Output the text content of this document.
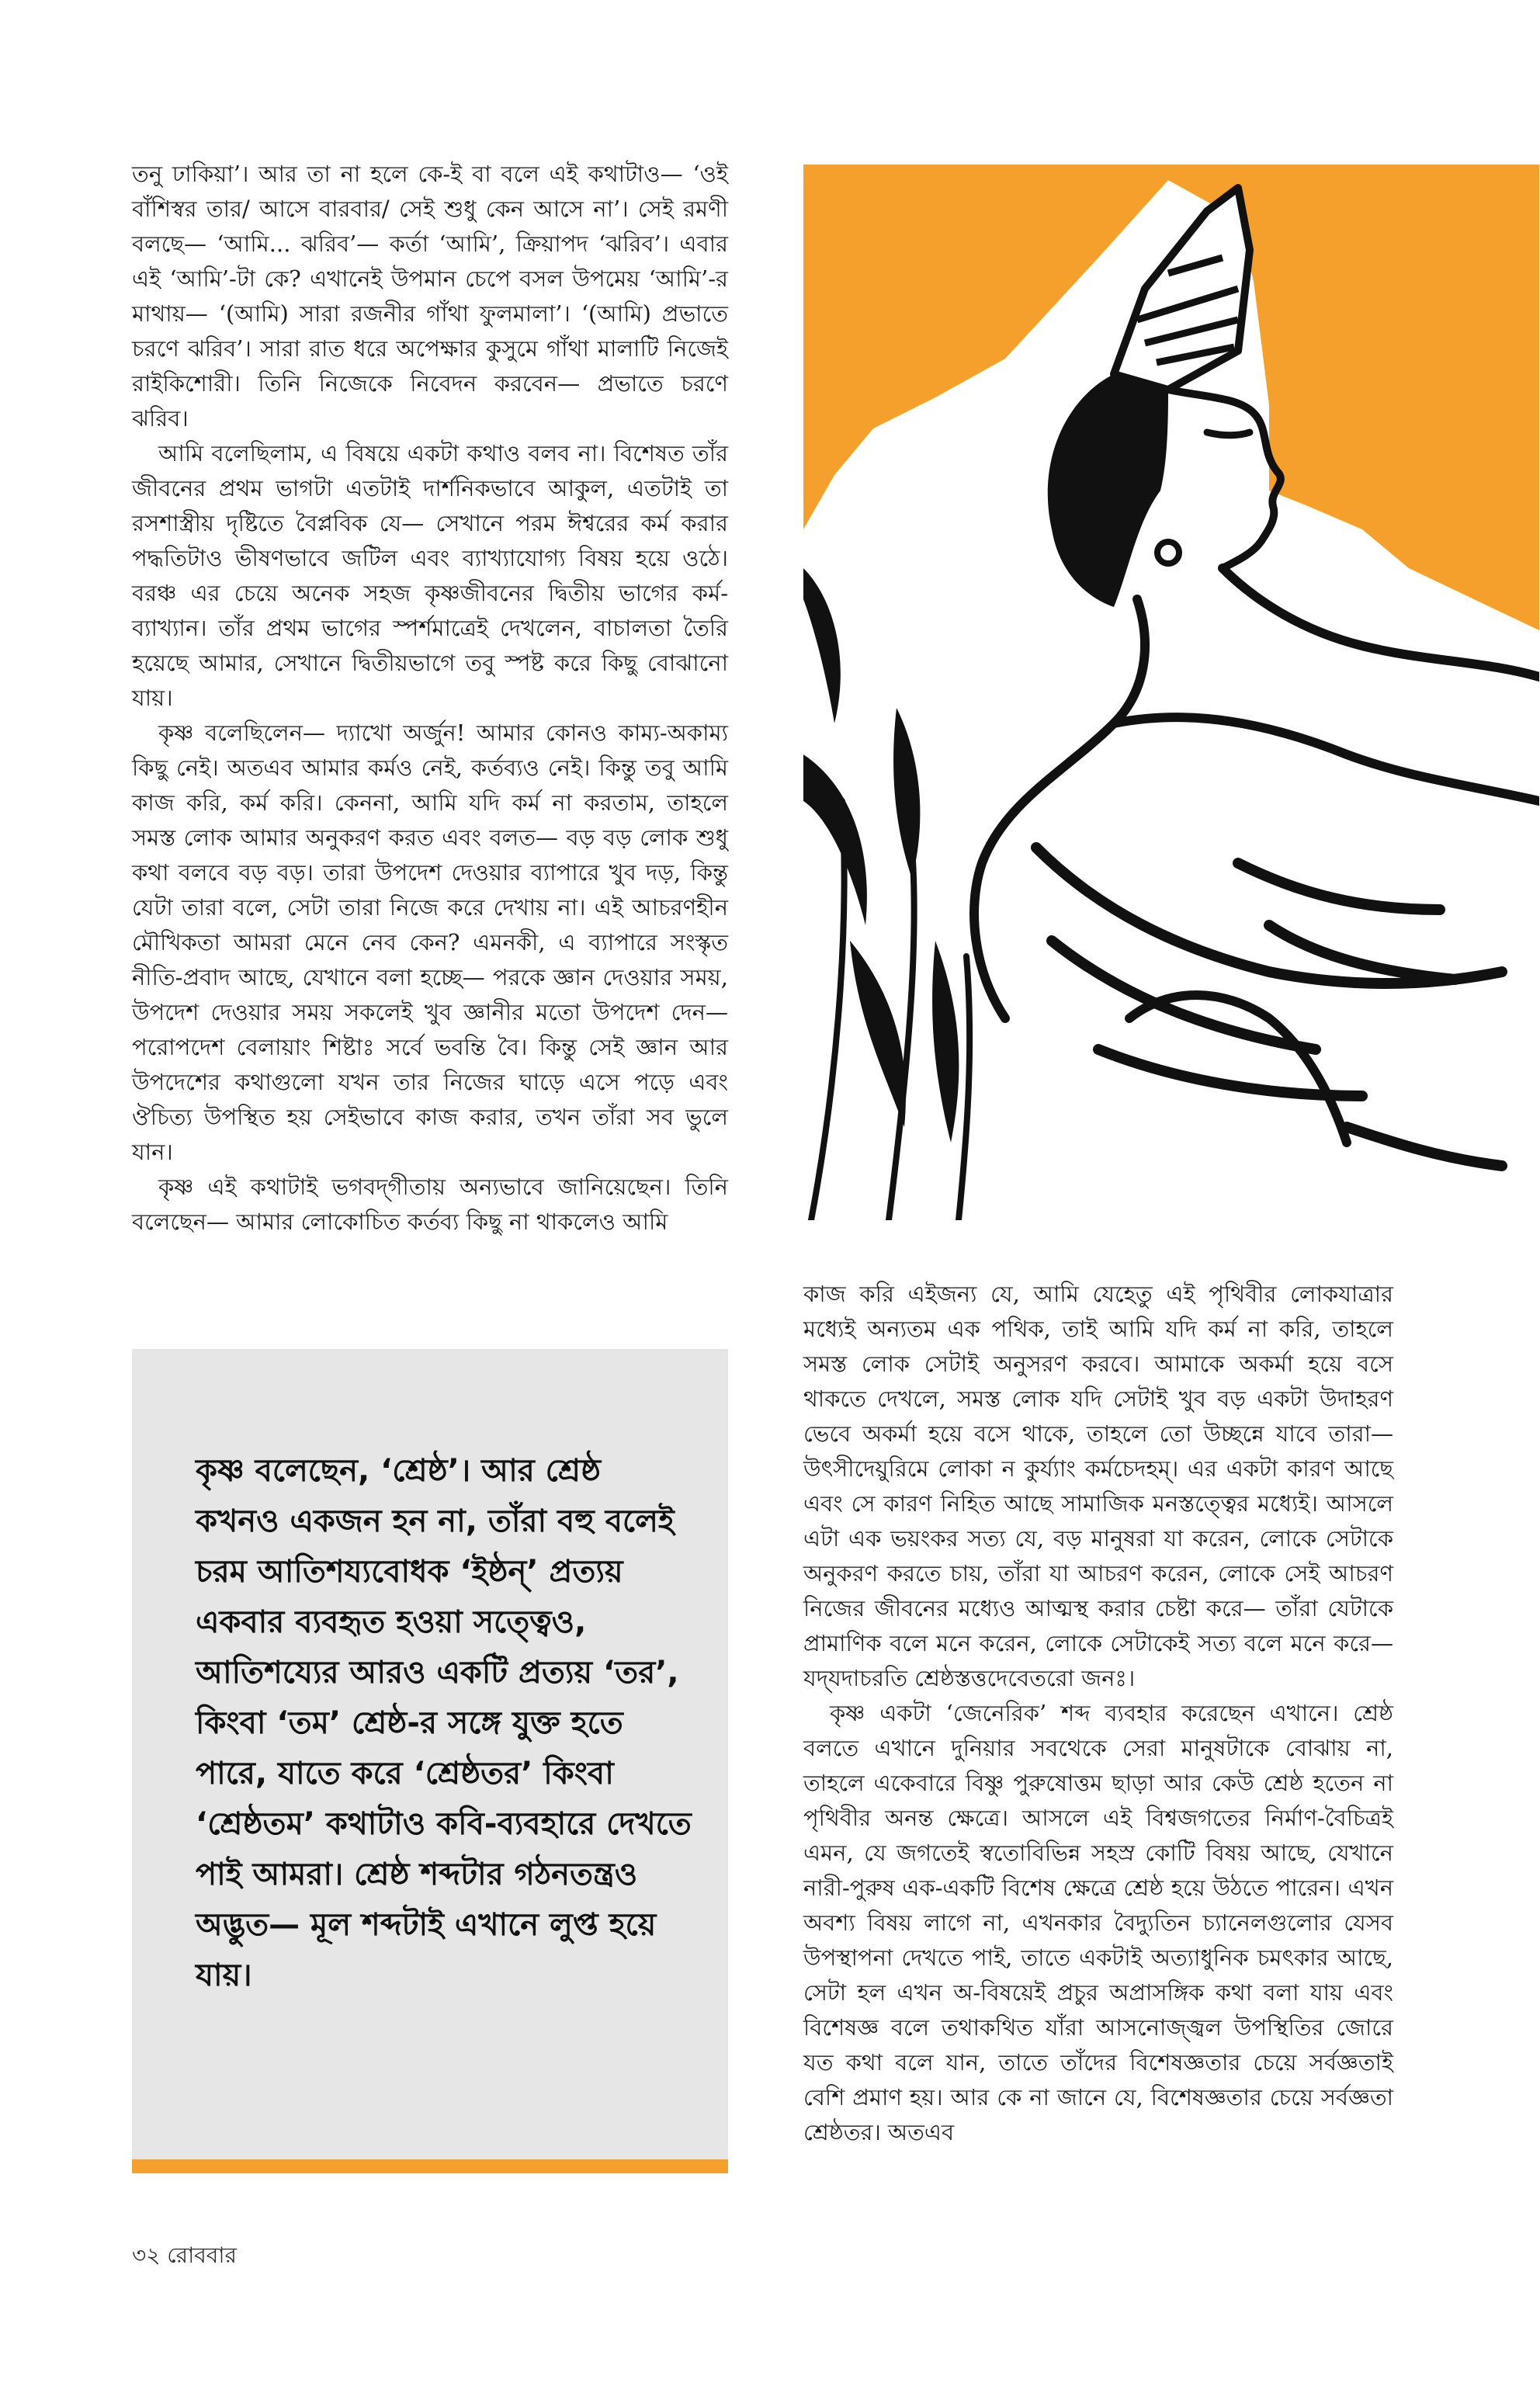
তনু ঢাকিয়া’। আর তা না হলে কে-ই বা বলে এই কথাটাও— ‘ওই বাঁশিস্বর তার/ আসে বারবার/ সেই শুধু কেন আসে না’। সেই রমণী বলছে— ‘আমি... ঝরিব’— কর্তা ‘আমি’, ক্রিয়াপদ ‘ঝরিব’। এবার এই ‘আমি’-টা কে? এখানেই উপমান চেপে বসল উপমেয় ‘আমি’-র মাথায়— ‘(আমি) সারা রজনীর গাঁথা ফুলমালা’। ‘(আমি) প্রভাতে চরণে ঝরিব’। সারা রাত ধরে অপেক্ষার কুসুমে গাঁথা মালাটি নিজেই রাইকিশোরী। তিনি নিজেকে নিবেদন করবেন— প্রভাতে চরণে ঝরিব।

আমি বলেছিলাম, এ বিষয়ে একটা কথাও বলব না। বিশেষত তাঁর জীবনের প্রথম ভাগটা এতটাই দার্শনিকভাবে আকুল, এতটাই তা রসশাস্ত্রীয় দৃষ্টিতে বৈপ্লবিক যে— সেখানে পরম ঈশ্বরের কর্ম করার পদ্ধতিটাও ভীষণভাবে জটিল এবং ব্যাখ্যাযোগ্য বিষয় হয়ে ওঠে। বরঞ্চ এর চেয়ে অনেক সহজ কৃষ্ণজীবনের দ্বিতীয় ভাগের কর্ম-ব্যাখ্যান। তাঁর প্রথম ভাগের স্পর্শমাত্রেই দেখলেন, বাচালতা তৈরি হয়েছে আমার, সেখানে দ্বিতীয়ভাগে তবু স্পষ্ট করে কিছু বোঝানো যায়।

কৃষ্ণ বলেছিলেন— দ্যাখো অর্জুন! আমার কোনও কাম্য-অকাম্য কিছু নেই। অতএব আমার কর্মও নেই, কর্তব্যও নেই। কিন্তু তবু আমি কাজ করি, কর্ম করি। কেননা, আমি যদি কর্ম না করতাম, তাহলে সমস্ত লোক আমার অনুকরণ করত এবং বলত— বড় বড় লোক শুধু কথা বলবে বড় বড়। তারা উপদেশ দেওয়ার ব্যাপারে খুব দড়, কিন্তু যেটা তারা বলে, সেটা তারা নিজে করে দেখায় না। এই আচরণহীন মৌখিকতা আমরা মেনে নেব কেন? এমনকী, এ ব্যাপারে সংস্কৃত নীতি-প্রবাদ আছে, যেখানে বলা হচ্ছে— পরকে জ্ঞান দেওয়ার সময়, উপদেশ দেওয়ার সময় সকলেই খুব জ্ঞানীর মতো উপদেশ দেন— পরোপদেশ বেলায়াং শিষ্টাঃ সর্বে ভবন্তি বৈ। কিন্তু সেই জ্ঞান আর উপদেশের কথাগুলো যখন তার নিজের ঘাড়ে এসে পড়ে এবং ঔচিত্য উপস্থিত হয় সেইভাবে কাজ করার, তখন তাঁরা সব ভুলে যান।

কৃষ্ণ এই কথাটাই ভগবদ্‌গীতায় অন্যভাবে জানিয়েছেন। তিনি বলেছেন— আমার লোকোচিত কর্তব্য কিছু না থাকলেও আমি

কাজ করি এইজন্য যে, আমি যেহেতু এই পৃথিবীর লোকযাত্রার মধ্যেই অন্যতম এক পথিক, তাই আমি যদি কর্ম না করি, তাহলে সমস্ত লোক সেটাই অনুসরণ করবে। আমাকে অকর্মা হয়ে বসে থাকতে দেখলে, সমস্ত লোক যদি সেটাই খুব বড় একটা উদাহরণ ভেবে অকর্মা হয়ে বসে থাকে, তাহলে তো উচ্ছন্নে যাবে তারা— উৎসীদেয়ুরিমে লোকা ন কুর্য্যাং কর্মচেদহম্। এর একটা কারণ আছে এবং সে কারণ নিহিত আছে সামাজিক মনস্তত্ত্বের মধ্যেই। আসলে এটা এক ভয়ংকর সত্য যে, বড় মানুষরা যা করেন, লোকে সেটাকে অনুকরণ করতে চায়, তাঁরা যা আচরণ করেন, লোকে সেই আচরণ নিজের জীবনের মধ্যেও আত্মস্থ করার চেষ্টা করে— তাঁরা যেটাকে প্রামাণিক বলে মনে করেন, লোকে সেটাকেই সত্য বলে মনে করে— যদ্‌যদাচরতি শ্রেষ্ঠস্তত্তদেবেতরো জনঃ।

কৃষ্ণ একটা ‘জেনেরিক’ শব্দ ব্যবহার করেছেন এখানে। শ্রেষ্ঠ বলতে এখানে দুনিয়ার সবথেকে সেরা মানুষটাকে বোঝায় না, তাহলে একেবারে বিষ্ণু পুরুষোত্তম ছাড়া আর কেউ শ্রেষ্ঠ হতেন না পৃথিবীর অনন্ত ক্ষেত্রে। আসলে এই বিশ্বজগতের নির্মাণ-বৈচিত্রই এমন, যে জগতেই স্বতোবিভিন্ন সহস্র কোটি বিষয় আছে, যেখানে নারী-পুরুষ এক-একটি বিশেষ ক্ষেত্রে শ্রেষ্ঠ হয়ে উঠতে পারেন। এখন অবশ্য বিষয় লাগে না, এখনকার বৈদ্যুতিন চ্যানেলগুলোর যেসব উপস্থাপনা দেখতে পাই, তাতে একটাই অত্যাধুনিক চমৎকার আছে, সেটা হল এখন অ-বিষয়েই প্রচুর অপ্রাসঙ্গিক কথা বলা যায় এবং বিশেষজ্ঞ বলে তথাকথিত যাঁরা আসনোজ্জ্বল উপস্থিতির জোরে যত কথা বলে যান, তাতে তাঁদের বিশেষজ্ঞতার চেয়ে সর্বজ্ঞতাই বেশি প্রমাণ হয়। আর কে না জানে যে, বিশেষজ্ঞতার চেয়ে সর্বজ্ঞতা শ্রেষ্ঠতর। অতএব

কৃষ্ণ বলেছেন, ‘শ্রেষ্ঠ’। আর শ্রেষ্ঠ কখনও একজন হন না, তাঁরা বহু বলেই চরম আতিশয্যবোধক ‘ইষ্ঠন্’ প্রত্যয় একবার ব্যবহৃত হওয়া সত্ত্বেও, আতিশয্যের আরও একটি প্রত্যয় ‘তর’, কিংবা ‘তম’ শ্রেষ্ঠ-র সঙ্গে যুক্ত হতে পারে, যাতে করে ‘শ্রেষ্ঠতর’ কিংবা ‘শ্রেষ্ঠতম’ কথাটাও কবি-ব্যবহারে দেখতে পাই আমরা। শ্রেষ্ঠ শব্দটার গঠনতন্ত্রও অদ্ভুত— মূল শব্দটাই এখানে লুপ্ত হয়ে যায়।
৩২ রোববার
